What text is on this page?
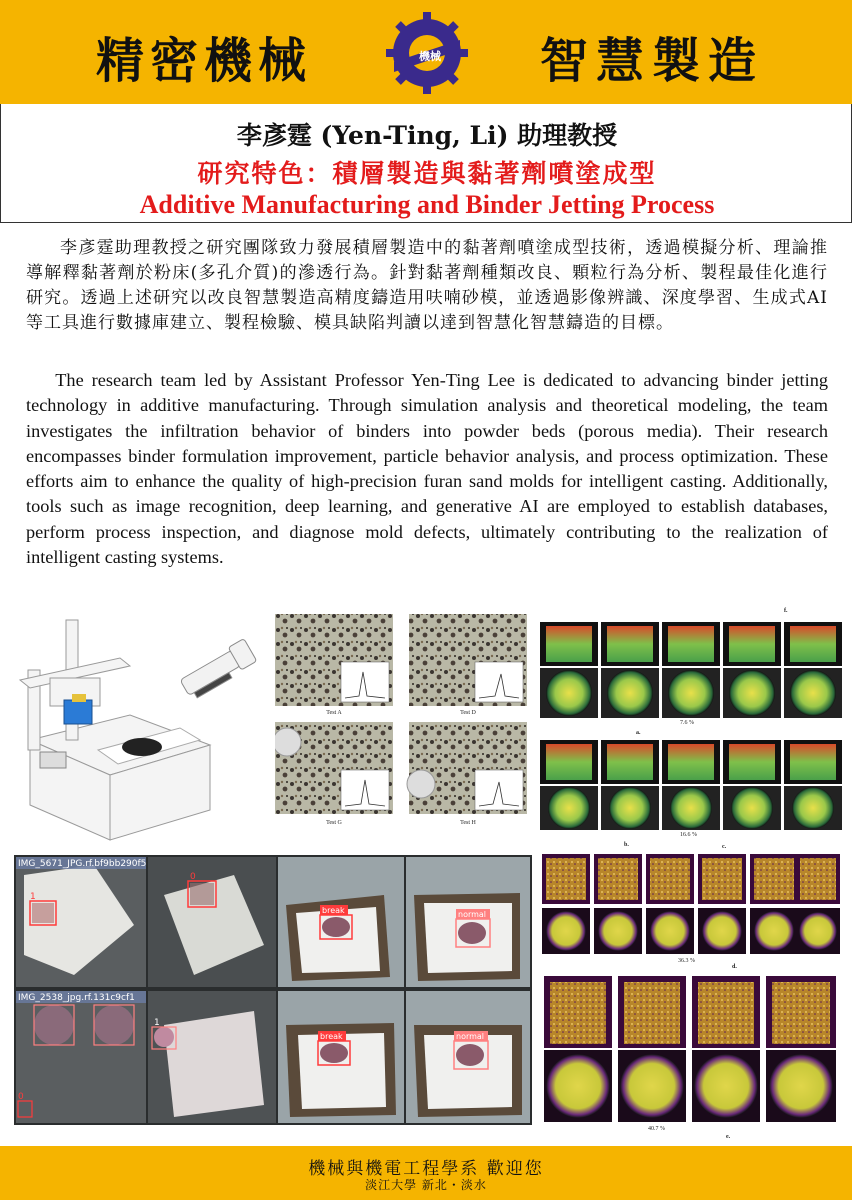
精密機械	機械 智慧製造
李彥霆 (Yen-Ting, Li) 助理教授
研究特色：積層製造與黏著劑噴塗成型
Additive Manufacturing and Binder Jetting Process
李彥霆助理教授之研究團隊致力發展積層製造中的黏著劑噴塗成型技術，透過模擬分析、理論推導解釋黏著劑於粉床(多孔介質)的滲透行為。針對黏著劑種類改良、顆粒行為分析、製程最佳化進行研究。透過上述研究以改良智慧製造高精度鑄造用呋喃砂模，並透過影像辨識、深度學習、生成式AI等工具進行數據庫建立、製程檢驗、模具缺陷判讀以達到智慧化智慧鑄造的目標。
The research team led by Assistant Professor Yen-Ting Lee is dedicated to advancing binder jetting technology in additive manufacturing. Through simulation analysis and theoretical modeling, the team investigates the infiltration behavior of binders into powder beds (porous media). Their research encompasses binder formulation improvement, particle behavior analysis, and process optimization. These efforts aim to enhance the quality of high-precision furan sand molds for intelligent casting. Additionally, tools such as image recognition, deep learning, and generative AI are employed to establish databases, perform process inspection, and diagnose mold defects, ultimately contributing to the realization of intelligent casting systems.
Test A	Test D
Test G	Test H
f.
7.6 %
a.
16.6 %
b.	c.
36.3 %
d.
40.7 %
e.
1
IMG_5671_JPG.rf.bf9bb290f5
0
break	normal
0
IMG_2538_jpg.rf.131c9cf1
1
break	normal
機械與機電工程學系 歡迎您
淡江大學 新北・淡水
